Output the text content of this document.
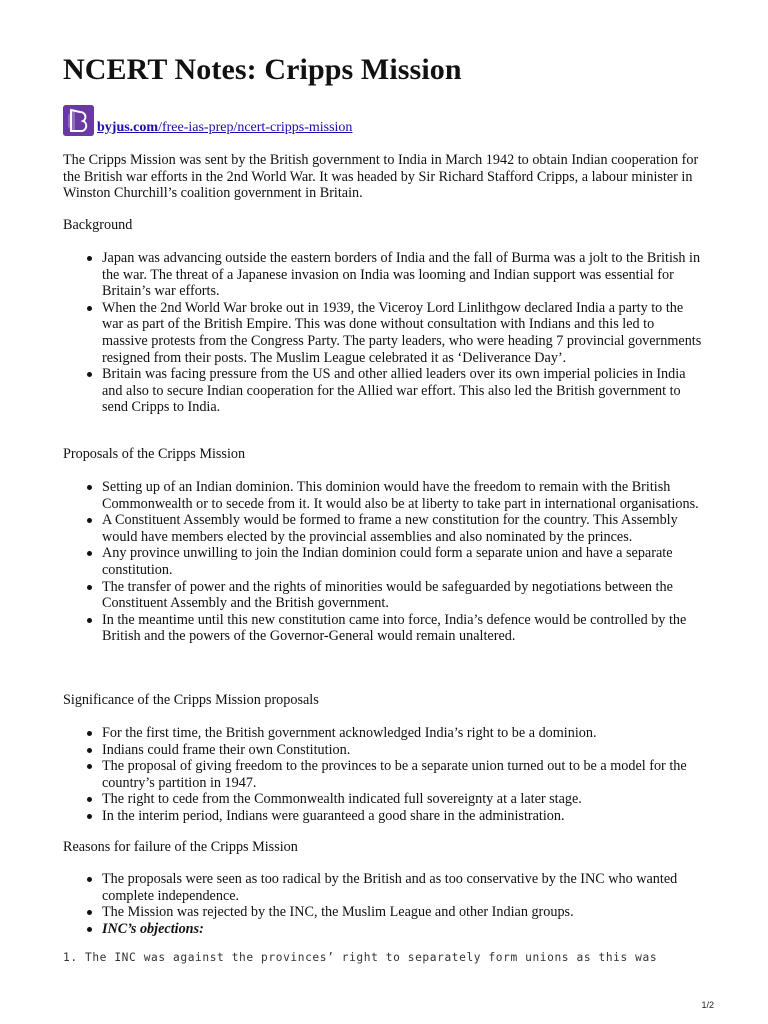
NCERT Notes: Cripps Mission
byjus.com/free-ias-prep/ncert-cripps-mission

The Cripps Mission was sent by the British government to India in March 1942 to obtain Indian cooperation for the British war efforts in the 2nd World War. It was headed by Sir Richard Stafford Cripps, a labour minister in Winston Churchill’s coalition government in Britain.

Background

Japan was advancing outside the eastern borders of India and the fall of Burma was a jolt to the British in the war. The threat of a Japanese invasion on India was looming and Indian support was essential for Britain’s war efforts.
When the 2nd World War broke out in 1939, the Viceroy Lord Linlithgow declared India a party to the war as part of the British Empire. This was done without consultation with Indians and this led to massive protests from the Congress Party. The party leaders, who were heading 7 provincial governments resigned from their posts. The Muslim League celebrated it as ‘Deliverance Day’.
Britain was facing pressure from the US and other allied leaders over its own imperial policies in India and also to secure Indian cooperation for the Allied war effort. This also led the British government to send Cripps to India.

Proposals of the Cripps Mission

Setting up of an Indian dominion. This dominion would have the freedom to remain with the British Commonwealth or to secede from it. It would also be at liberty to take part in international organisations.
A Constituent Assembly would be formed to frame a new constitution for the country. This Assembly would have members elected by the provincial assemblies and also nominated by the princes.
Any province unwilling to join the Indian dominion could form a separate union and have a separate constitution.
The transfer of power and the rights of minorities would be safeguarded by negotiations between the Constituent Assembly and the British government.
In the meantime until this new constitution came into force, India’s defence would be controlled by the British and the powers of the Governor-General would remain unaltered.

Significance of the Cripps Mission proposals

For the first time, the British government acknowledged India’s right to be a dominion.
Indians could frame their own Constitution.
The proposal of giving freedom to the provinces to be a separate union turned out to be a model for the country’s partition in 1947.
The right to cede from the Commonwealth indicated full sovereignty at a later stage.
In the interim period, Indians were guaranteed a good share in the administration.

Reasons for failure of the Cripps Mission

The proposals were seen as too radical by the British and as too conservative by the INC who wanted complete independence.
The Mission was rejected by the INC, the Muslim League and other Indian groups.
INC’s objections:
1. The INC was against the provinces’ right to separately form unions as this was
1/2
